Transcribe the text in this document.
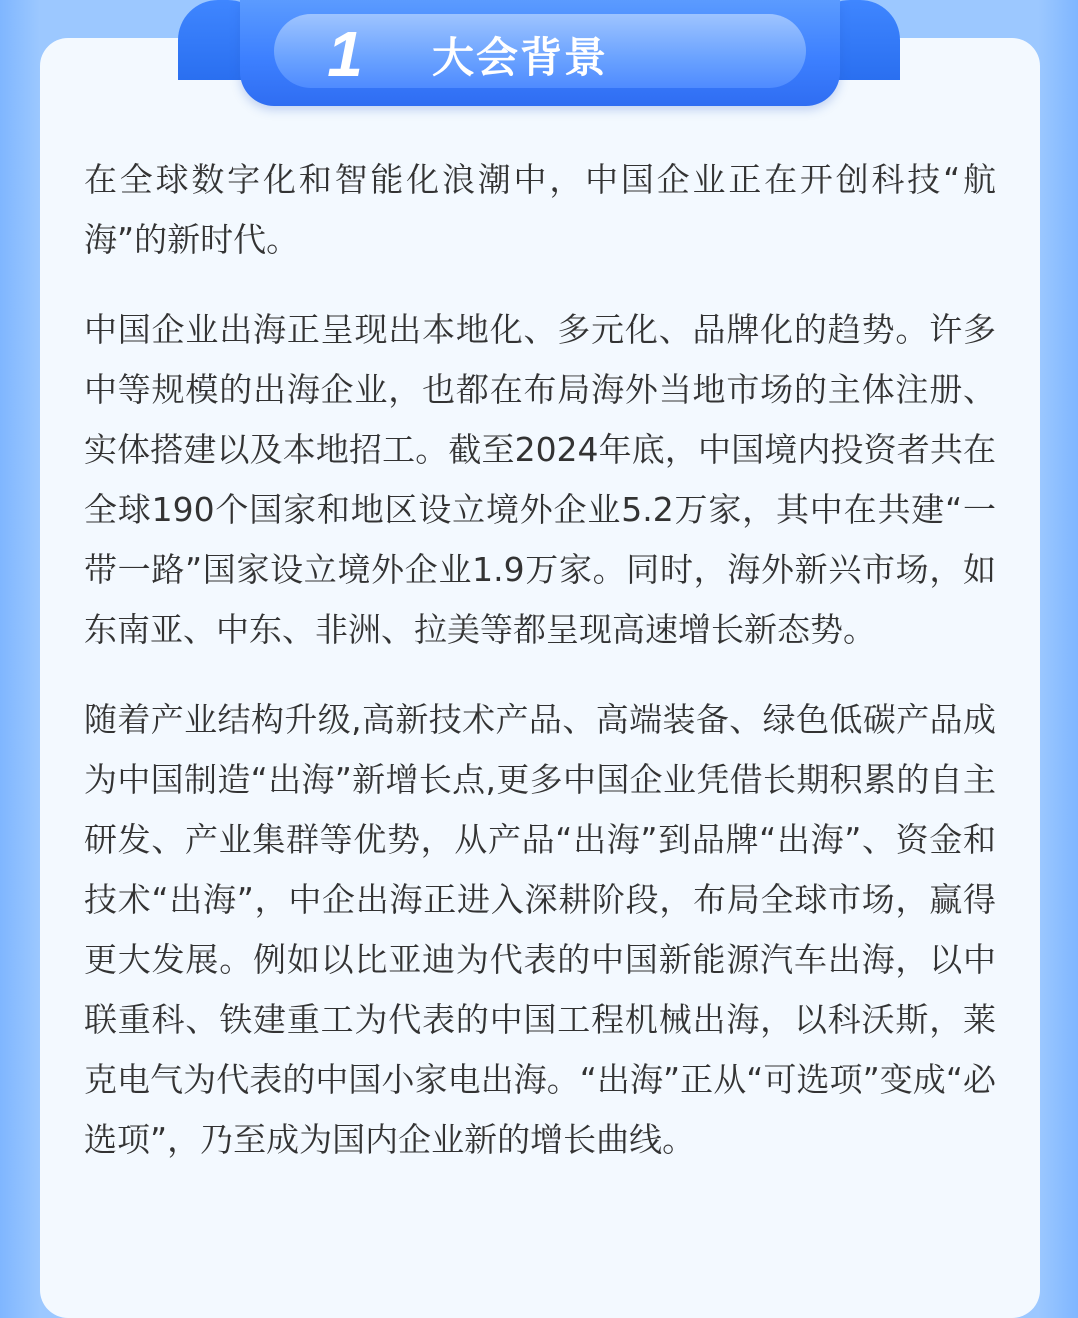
1	大会背景

在全球数字化和智能化浪潮中，中国企业正在开创科技“航海”的新时代。

中国企业出海正呈现出本地化、多元化、品牌化的趋势。许多中等规模的出海企业，也都在布局海外当地市场的主体注册、实体搭建以及本地招工。截至2024年底，中国境内投资者共在全球190个国家和地区设立境外企业5.2万家，其中在共建“一带一路”国家设立境外企业1.9万家。同时，海外新兴市场，如东南亚、中东、非洲、拉美等都呈现高速增长新态势。

随着产业结构升级,高新技术产品、高端装备、绿色低碳产品成为中国制造“出海”新增长点,更多中国企业凭借长期积累的自主研发、产业集群等优势，从产品“出海”到品牌“出海”、资金和技术“出海”，中企出海正进入深耕阶段，布局全球市场，赢得更大发展。例如以比亚迪为代表的中国新能源汽车出海，以中联重科、铁建重工为代表的中国工程机械出海，以科沃斯，莱克电气为代表的中国小家电出海。“出海”正从“可选项”变成“必选项”，乃至成为国内企业新的增长曲线。
